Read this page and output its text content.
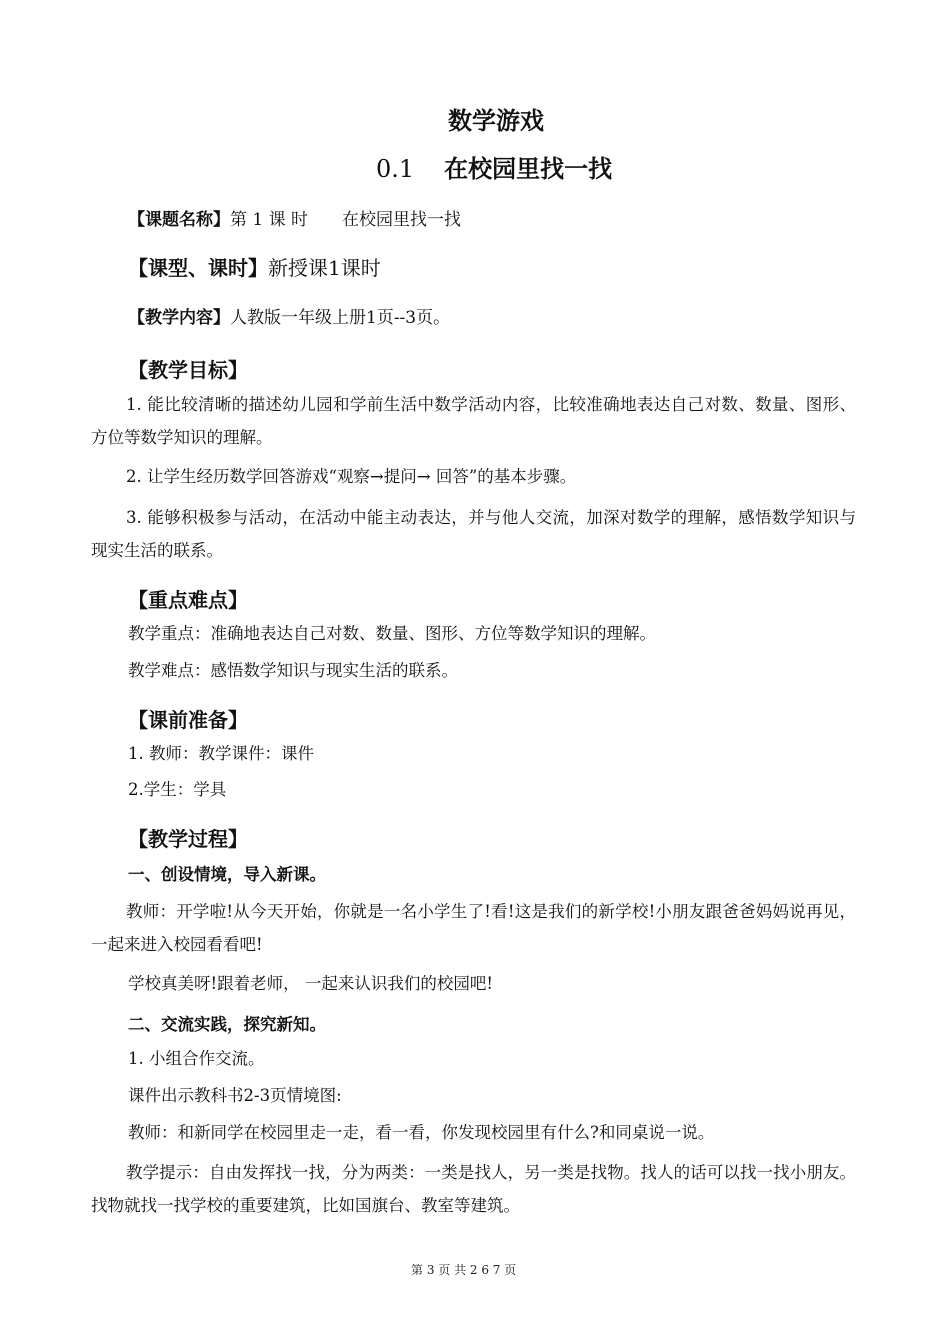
数学游戏
0.1 在校园里找一找
【课题名称】第 1 课 时　　在校园里找一找
【课型、课时】新授课1课时
【教学内容】人教版一年级上册1页--3页。
【教学目标】
1. 能比较清晰的描述幼儿园和学前生活中数学活动内容，比较准确地表达自己对数、数量、图形、方位等数学知识的理解。
2. 让学生经历数学回答游戏“观察→提问→ 回答”的基本步骤。
3. 能够积极参与活动，在活动中能主动表达，并与他人交流，加深对数学的理解，感悟数学知识与现实生活的联系。
【重点难点】
教学重点：准确地表达自己对数、数量、图形、方位等数学知识的理解。
教学难点：感悟数学知识与现实生活的联系。
【课前准备】
1. 教师：教学课件：课件
2.学生：学具
【教学过程】
一、创设情境，导入新课。
教师：开学啦!从今天开始，你就是一名小学生了!看!这是我们的新学校!小朋友跟爸爸妈妈说再见，一起来进入校园看看吧!
学校真美呀!跟着老师， 一起来认识我们的校园吧!
二、交流实践，探究新知。
1. 小组合作交流。
课件出示教科书2-3页情境图:
教师：和新同学在校园里走一走，看一看，你发现校园里有什么?和同桌说一说。
教学提示：自由发挥找一找，分为两类：一类是找人，另一类是找物。找人的话可以找一找小朋友。找物就找一找学校的重要建筑，比如国旗台、教室等建筑。
第 3 页 共 2 6 7 页
